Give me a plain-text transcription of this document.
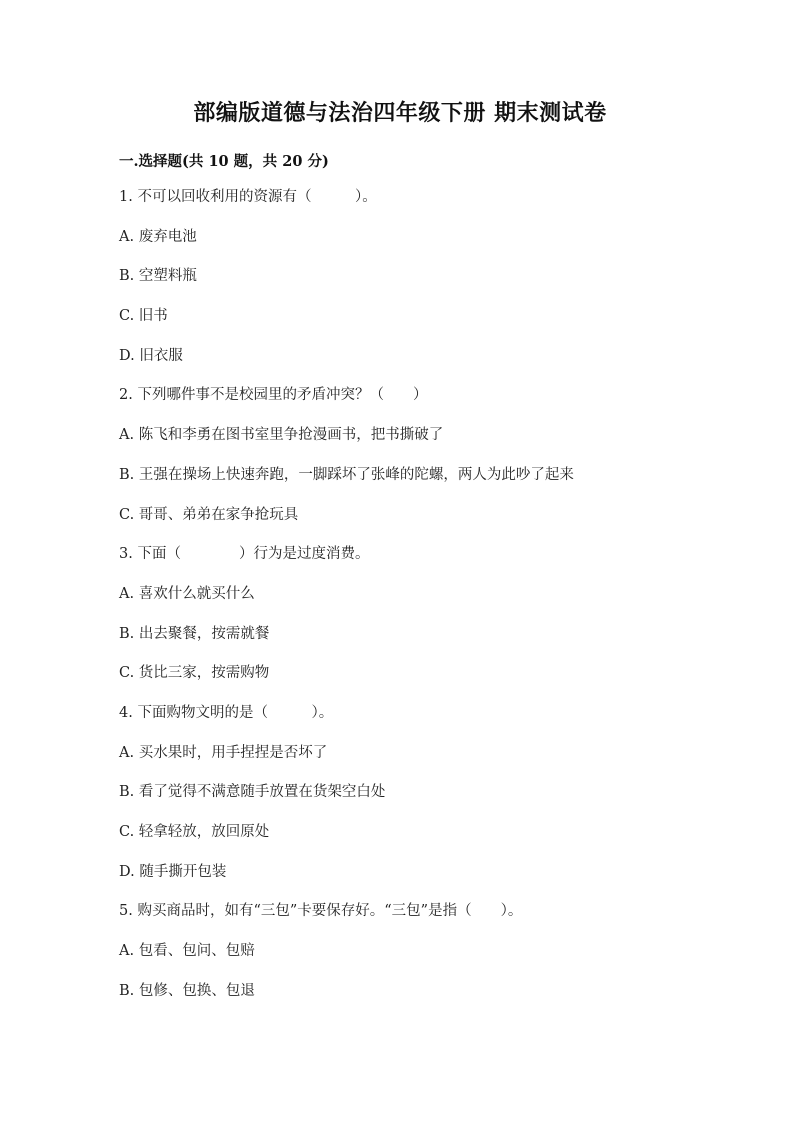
部编版道德与法治四年级下册 期末测试卷
一.选择题(共 10 题，共 20 分)
1. 不可以回收利用的资源有（　　　）。
A. 废弃电池
B. 空塑料瓶
C. 旧书
D. 旧衣服
2. 下列哪件事不是校园里的矛盾冲突？（　　）
A. 陈飞和李勇在图书室里争抢漫画书，把书撕破了
B. 王强在操场上快速奔跑，一脚踩坏了张峰的陀螺，两人为此吵了起来
C. 哥哥、弟弟在家争抢玩具
3. 下面（　　　　）行为是过度消费。
A. 喜欢什么就买什么
B. 出去聚餐，按需就餐
C. 货比三家，按需购物
4. 下面购物文明的是（　　　）。
A. 买水果时，用手捏捏是否坏了
B. 看了觉得不满意随手放置在货架空白处
C. 轻拿轻放，放回原处
D. 随手撕开包装
5. 购买商品时，如有“三包”卡要保存好。“三包”是指（　　）。
A. 包看、包问、包赔
B. 包修、包换、包退
